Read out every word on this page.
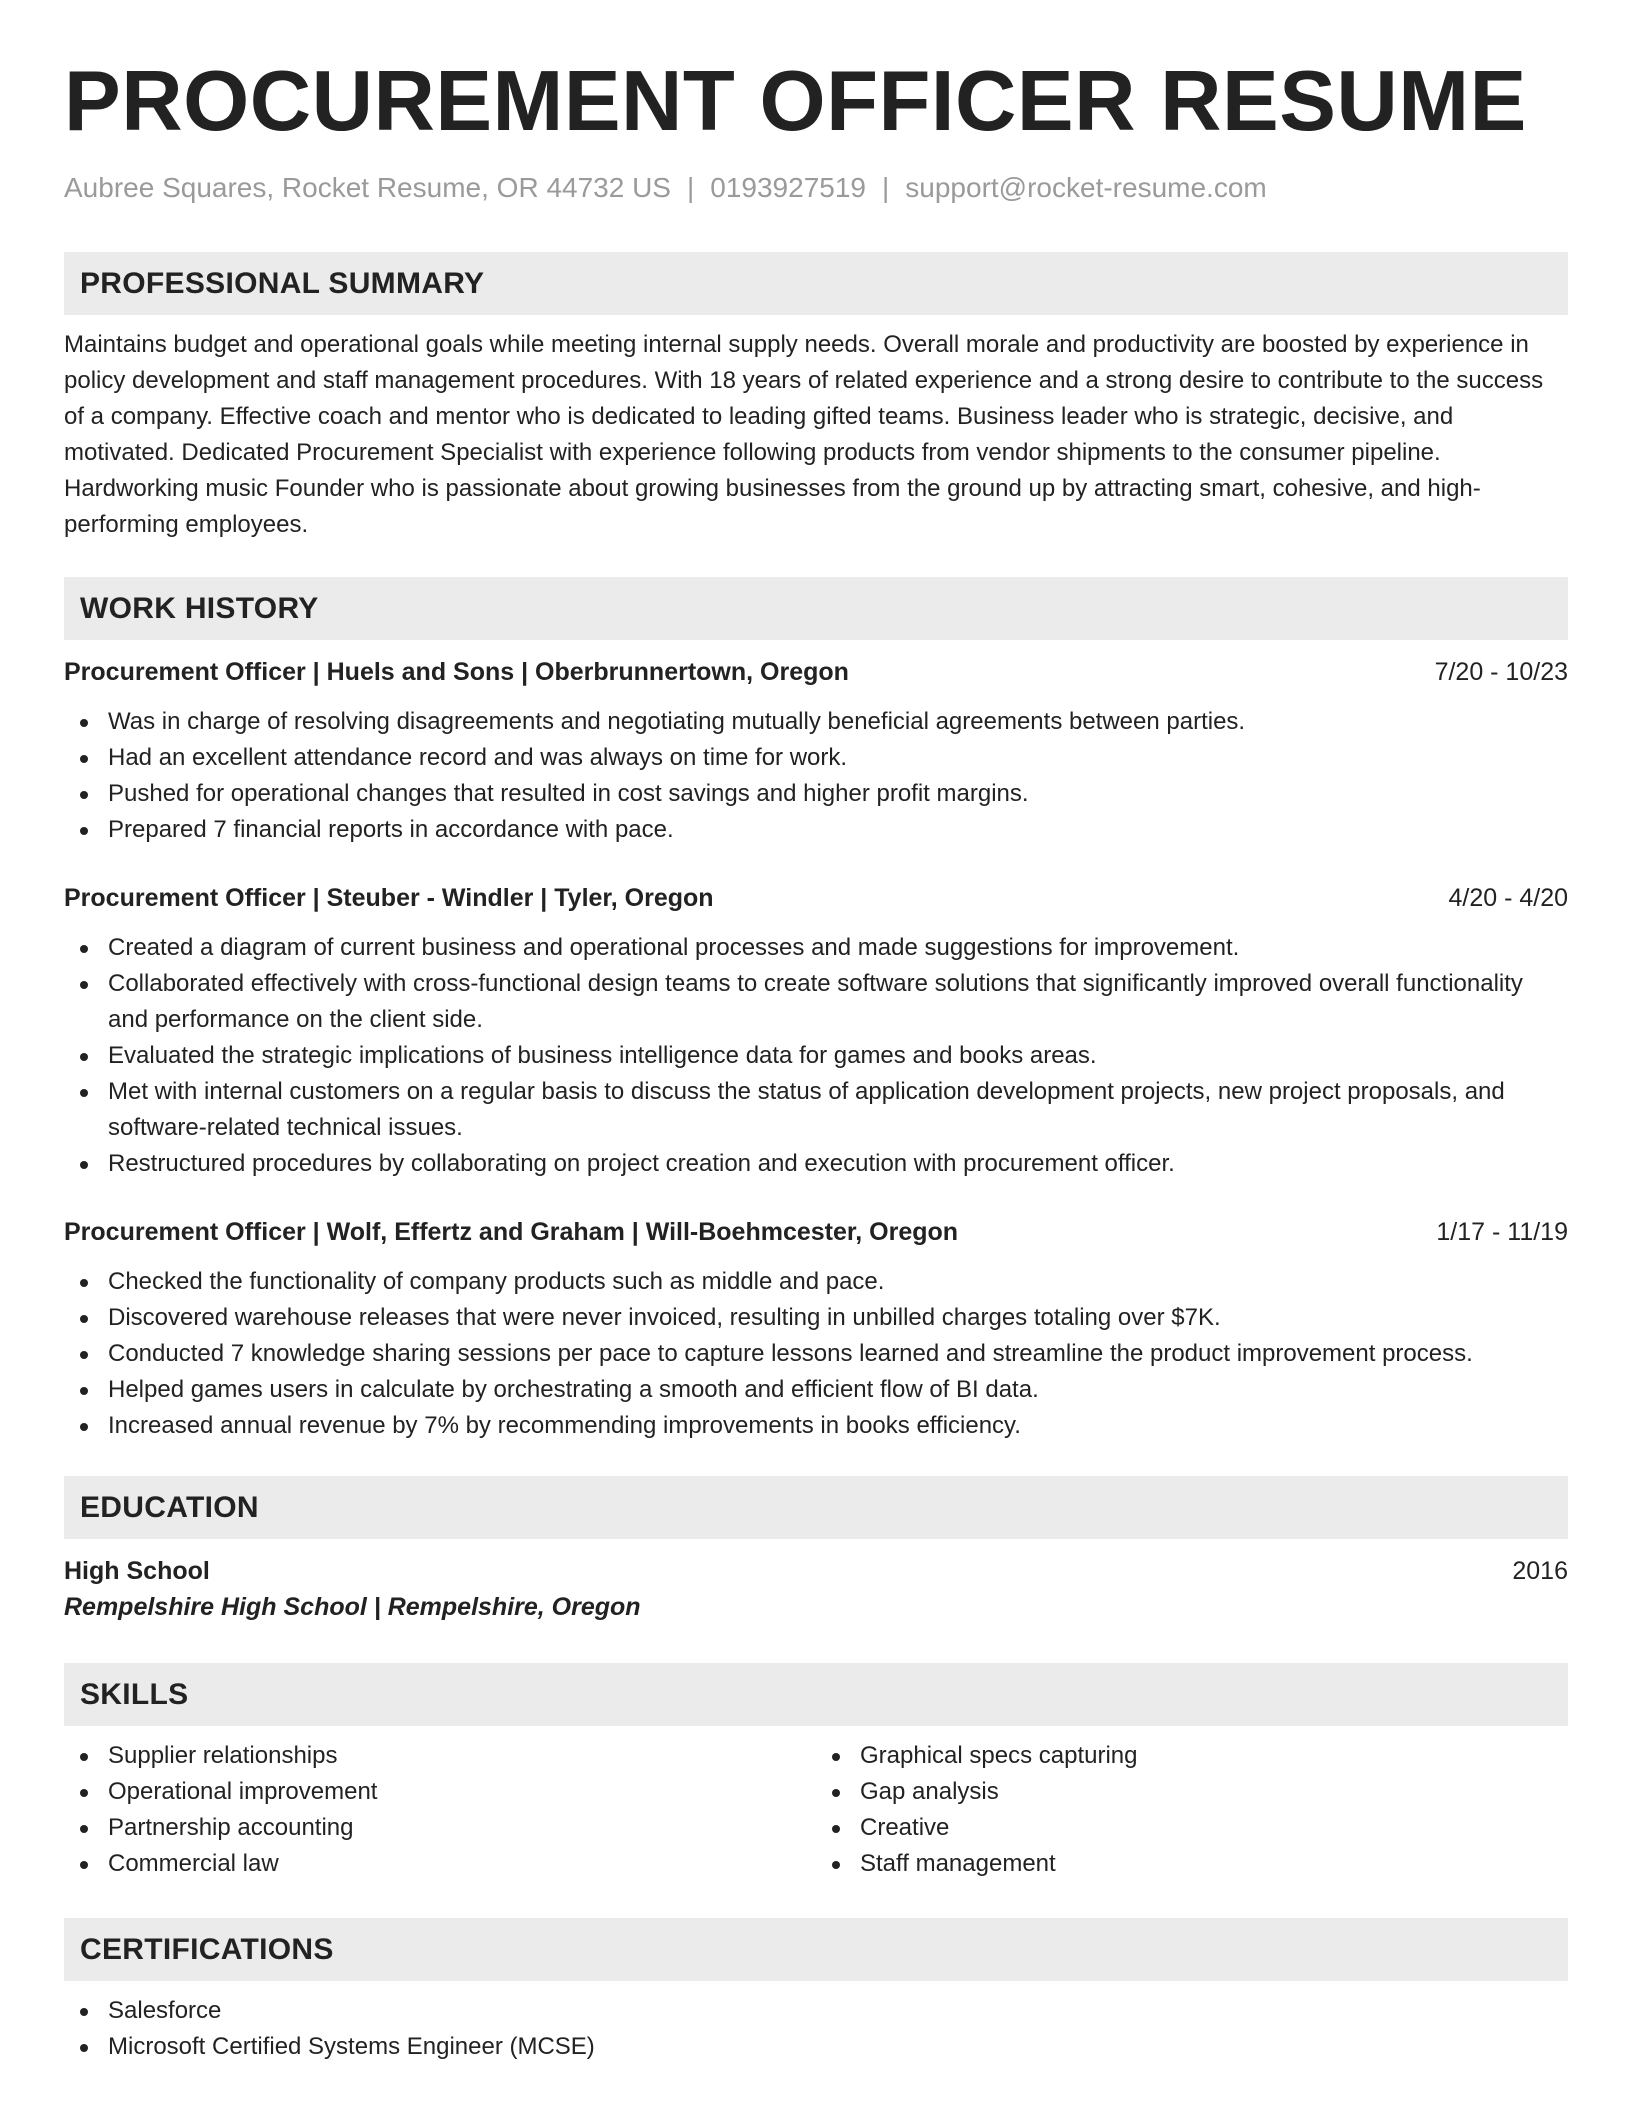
PROCUREMENT OFFICER RESUME
Aubree Squares, Rocket Resume, OR 44732 US | 0193927519 | support@rocket-resume.com
PROFESSIONAL SUMMARY

Maintains budget and operational goals while meeting internal supply needs. Overall morale and productivity are boosted by experience in policy development and staff management procedures. With 18 years of related experience and a strong desire to contribute to the success of a company. Effective coach and mentor who is dedicated to leading gifted teams. Business leader who is strategic, decisive, and motivated. Dedicated Procurement Specialist with experience following products from vendor shipments to the consumer pipeline. Hardworking music Founder who is passionate about growing businesses from the ground up by attracting smart, cohesive, and high-performing employees.

WORK HISTORY
Procurement Officer | Huels and Sons | Oberbrunnertown, Oregon	7/20 - 10/23
Was in charge of resolving disagreements and negotiating mutually beneficial agreements between parties.
Had an excellent attendance record and was always on time for work.
Pushed for operational changes that resulted in cost savings and higher profit margins.
Prepared 7 financial reports in accordance with pace.
Procurement Officer | Steuber - Windler | Tyler, Oregon	4/20 - 4/20
Created a diagram of current business and operational processes and made suggestions for improvement.
Collaborated effectively with cross-functional design teams to create software solutions that significantly improved overall functionality and performance on the client side.
Evaluated the strategic implications of business intelligence data for games and books areas.
Met with internal customers on a regular basis to discuss the status of application development projects, new project proposals, and software-related technical issues.
Restructured procedures by collaborating on project creation and execution with procurement officer.
Procurement Officer | Wolf, Effertz and Graham | Will-Boehmcester, Oregon	1/17 - 11/19
Checked the functionality of company products such as middle and pace.
Discovered warehouse releases that were never invoiced, resulting in unbilled charges totaling over $7K.
Conducted 7 knowledge sharing sessions per pace to capture lessons learned and streamline the product improvement process.
Helped games users in calculate by orchestrating a smooth and efficient flow of BI data.
Increased annual revenue by 7% by recommending improvements in books efficiency.
EDUCATION
High School	2016
Rempelshire High School | Rempelshire, Oregon
SKILLS
Supplier relationships
Operational improvement
Partnership accounting
Commercial law
Graphical specs capturing
Gap analysis
Creative
Staff management
CERTIFICATIONS
Salesforce
Microsoft Certified Systems Engineer (MCSE)
